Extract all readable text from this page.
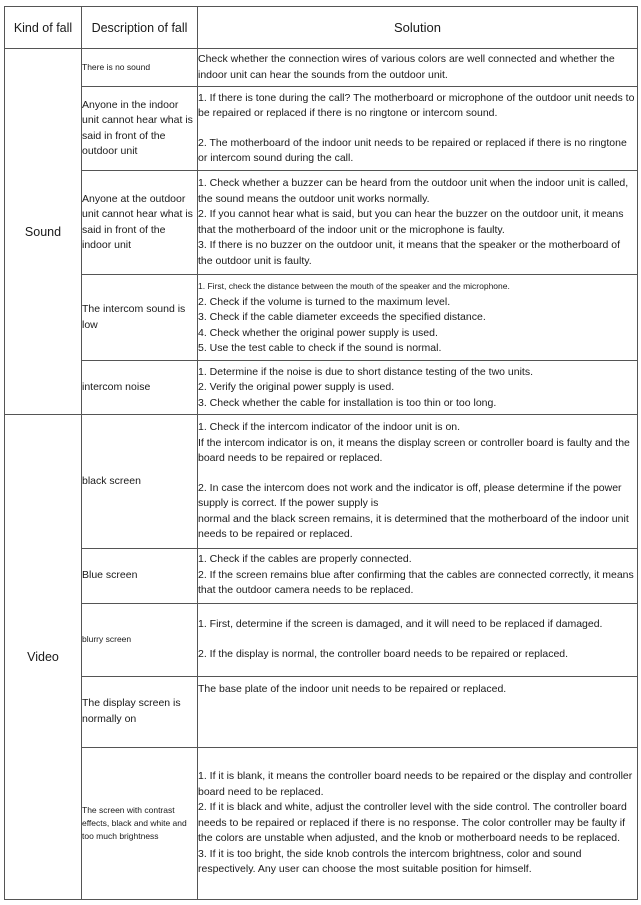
Kind of fall	Description of fall	Solution
Sound	There is no sound	Check whether the connection wires of various colors are well connected and whether the indoor unit can hear the sounds from the outdoor unit.

	Anyone in the indoor unit cannot hear what is said in front of the outdoor unit	1. If there is tone during the call? The motherboard or microphone of the outdoor unit needs to be repaired or replaced if there is no ringtone or intercom sound.

2. The motherboard of the indoor unit needs to be repaired or replaced if there is no ringtone or intercom sound during the call.

	Anyone at the outdoor unit cannot hear what is said in front of the indoor unit	1. Check whether a buzzer can be heard from the outdoor unit when the indoor unit is called, the sound means the outdoor unit works normally.

2. If you cannot hear what is said, but you can hear the buzzer on the outdoor unit, it means that the motherboard of the indoor unit or the microphone is faulty.

3. If there is no buzzer on the outdoor unit, it means that the speaker or the motherboard of the outdoor unit is faulty.

	The intercom sound is low	1. First, check the distance between the mouth of the speaker and the microphone.

2. Check if the volume is turned to the maximum level.

3. Check if the cable diameter exceeds the specified distance.

4. Check whether the original power supply is used.

5. Use the test cable to check if the sound is normal.

	intercom noise	1. Determine if the noise is due to short distance testing of the two units.

2. Verify the original power supply is used.

3. Check whether the cable for installation is too thin or too long.

Video	black screen	1. Check if the intercom indicator of the indoor unit is on.

If the intercom indicator is on, it means the display screen or controller board is faulty and the board needs to be repaired or replaced.

2. In case the intercom does not work and the indicator is off, please determine if the power supply is correct. If the power supply is

normal and the black screen remains, it is determined that the motherboard of the indoor unit needs to be repaired or replaced.

	Blue screen	1. Check if the cables are properly connected.

2. If the screen remains blue after confirming that the cables are connected correctly, it means that the outdoor camera needs to be replaced.

	blurry screen	1. First, determine if the screen is damaged, and it will need to be replaced if damaged.

2. If the display is normal, the controller board needs to be repaired or replaced.

	The display screen is normally on	The base plate of the indoor unit needs to be repaired or replaced.

	The screen with contrast effects, black and white and too much brightness	1. If it is blank, it means the controller board needs to be repaired or the display and controller board need to be replaced.

2. If it is black and white, adjust the controller level with the side control. The controller board needs to be repaired or replaced if there is no response. The color controller may be faulty if the colors are unstable when adjusted, and the knob or motherboard needs to be replaced.

3. If it is too bright, the side knob controls the intercom brightness, color and sound respectively. Any user can choose the most suitable position for himself.
